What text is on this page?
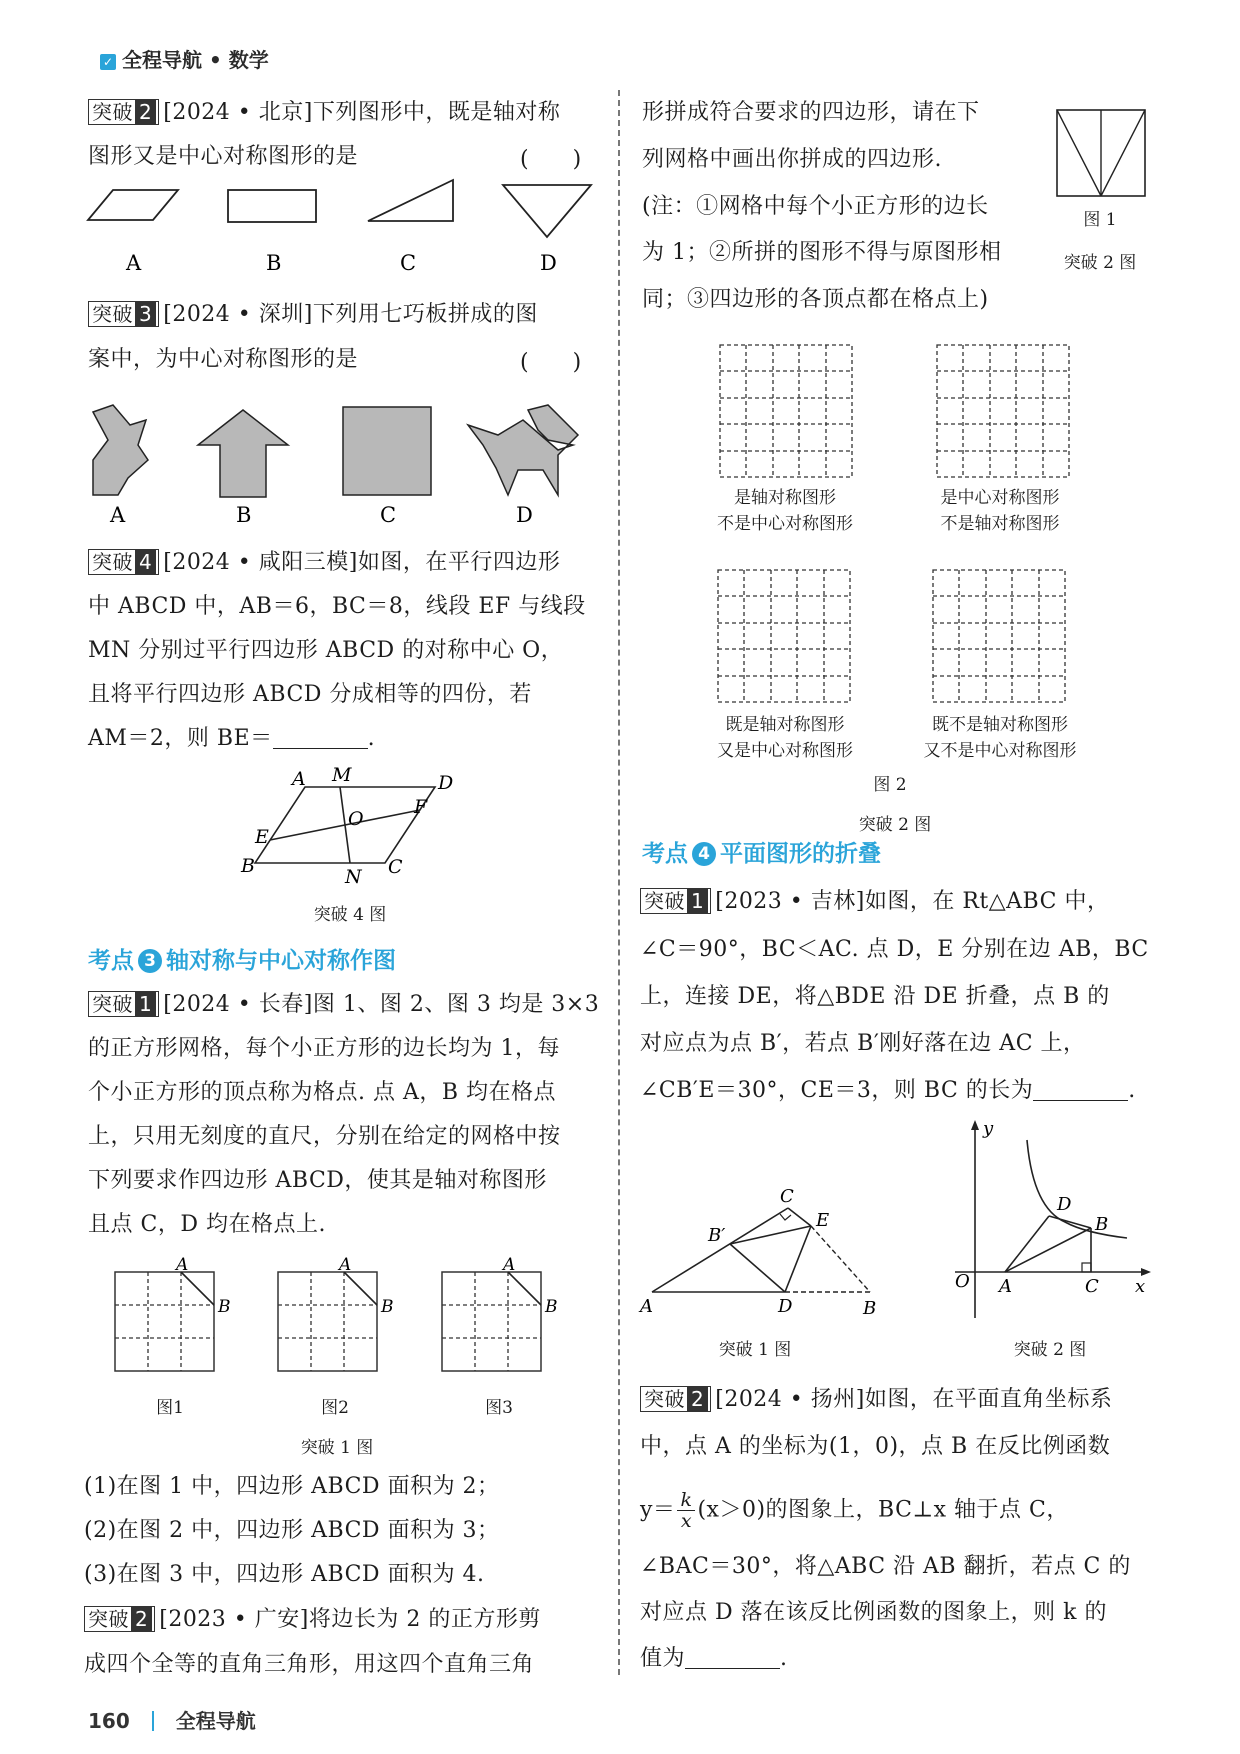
✓ 全程导航 • 数学
突破 2 [2024 • 北京]下列图形中，既是轴对称
图形又是中心对称图形的是	(　　)
A	B	C	D
突破 3 [2024 • 深圳]下列用七巧板拼成的图
案中，为中心对称图形的是	(　　)
A	B	C	D
突破 4 [2024 • 咸阳三模]如图，在平行四边形
中 ABCD 中，AB＝6，BC＝8，线段 EF 与线段
MN 分别过平行四边形 ABCD 的对称中心 O，
且将平行四边形 ABCD 分成相等的四份，若
AM＝2，则 BE＝	.
A M	D
O
F
E
B	N C
突破 4 图
考点 3 轴对称与中心对称作图
突破 1 [2024 • 长春]图 1、图 2、图 3 均是 3×3
的正方形网格，每个小正方形的边长均为 1，每
个小正方形的顶点称为格点. 点 A，B 均在格点
上，只用无刻度的直尺，分别在给定的网格中按
下列要求作四边形 ABCD，使其是轴对称图形
且点 C，D 均在格点上.
A
B
A
B
A
B
图1	图2	图3
突破 1 图
(1)在图 1 中，四边形 ABCD 面积为 2；
(2)在图 2 中，四边形 ABCD 面积为 3；
(3)在图 3 中，四边形 ABCD 面积为 4.
突破 2 [2023 • 广安]将边长为 2 的正方形剪
成四个全等的直角三角形，用这四个直角三角
形拼成符合要求的四边形，请在下
列网格中画出你拼成的四边形.
(注：①网格中每个小正方形的边长
为 1；②所拼的图形不得与原图形相
同；③四边形的各顶点都在格点上)
图 1
突破 2 图
是轴对称图形
不是中心对称图形
是中心对称图形
不是轴对称图形
既是轴对称图形
又是中心对称图形
既不是轴对称图形
又不是中心对称图形
图 2
突破 2 图
考点 4 平面图形的折叠
突破 1 [2023 • 吉林]如图，在 Rt△ABC 中，
∠C＝90°，BC＜AC. 点 D，E 分别在边 AB，BC
上，连接 DE，将△BDE 沿 DE 折叠，点 B 的
对应点为点 B′，若点 B′刚好落在边 AC 上，
∠CB′E＝30°，CE＝3，则 BC 的长为	.
C
B′
E
A	D	B
突破 1 图
y
D
B
O A	C x
突破 2 图
突破 2 [2024 • 扬州]如图，在平面直角坐标系
中，点 A 的坐标为(1，0)，点 B 在反比例函数
$y= \frac{k}{x} (x>0)$的图象上，BC⊥x 轴于点 C，
∠BAC＝30°，将△ABC 沿 AB 翻折，若点 C 的
对应点 D 落在该反比例函数的图象上，则 k 的
值为	.
160 全程导航
